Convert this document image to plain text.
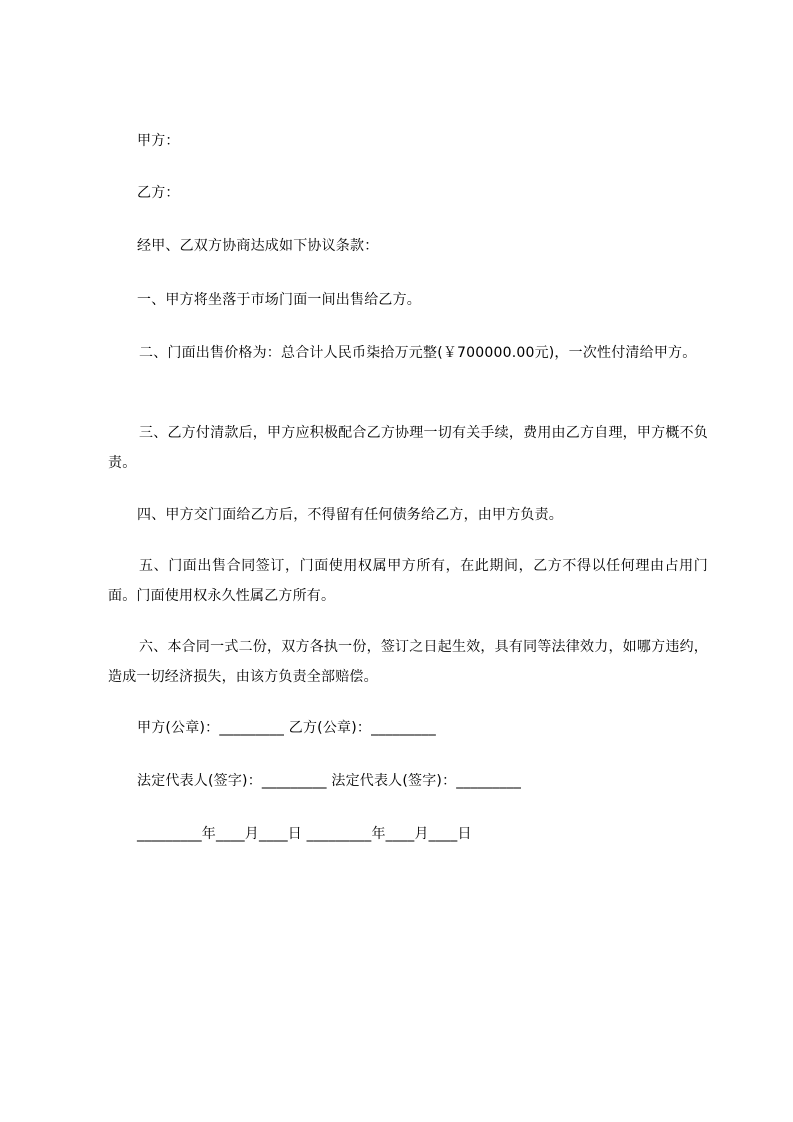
甲方：
乙方：
经甲、乙双方协商达成如下协议条款：
一、甲方将坐落于市场门面一间出售给乙方。
二、门面出售价格为：总合计人民币柒拾万元整(￥700000.00元)，一次性付清给甲方。
三、乙方付清款后，甲方应积极配合乙方协理一切有关手续，费用由乙方自理，甲方概不负责。
四、甲方交门面给乙方后，不得留有任何债务给乙方，由甲方负责。
五、门面出售合同签订，门面使用权属甲方所有，在此期间，乙方不得以任何理由占用门面。门面使用权永久性属乙方所有。
六、本合同一式二份，双方各执一份，签订之日起生效，具有同等法律效力，如哪方违约，造成一切经济损失，由该方负责全部赔偿。
甲方(公章)：_________ 乙方(公章)：_________
法定代表人(签字)：_________ 法定代表人(签字)：_________
_________年____月____日 _________年____月____日
